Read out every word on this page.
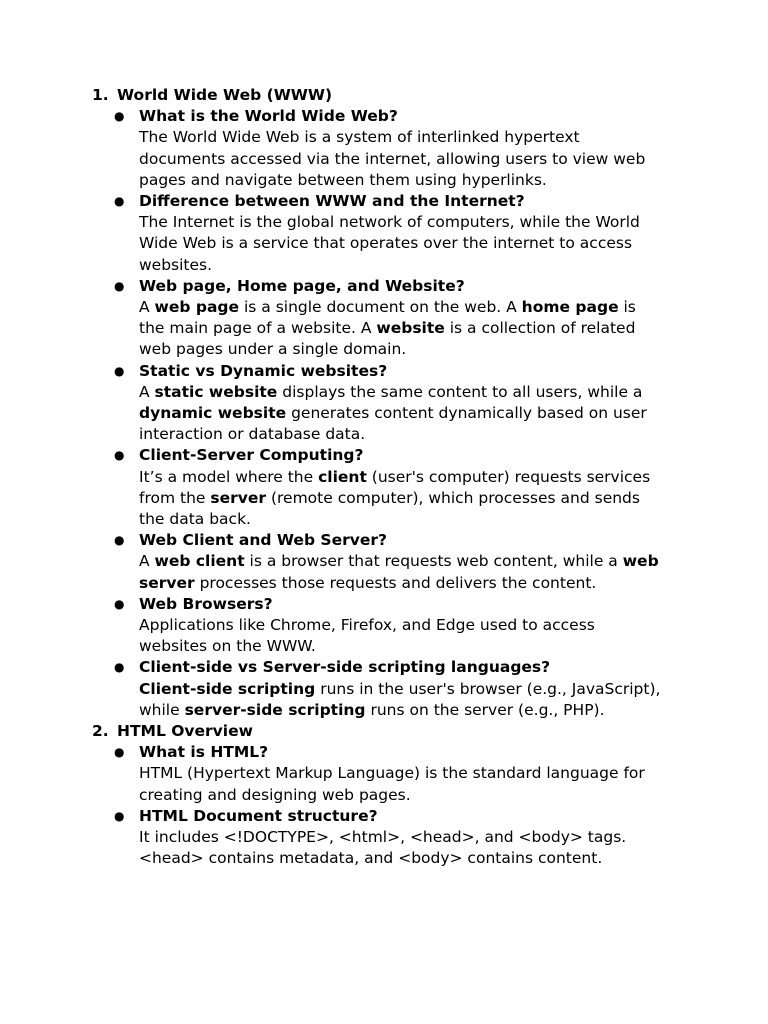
1. World Wide Web (WWW)
● What is the World Wide Web?
The World Wide Web is a system of interlinked hypertext documents accessed via the internet, allowing users to view web pages and navigate between them using hyperlinks.
● Difference between WWW and the Internet?
The Internet is the global network of computers, while the World Wide Web is a service that operates over the internet to access websites.
● Web page, Home page, and Website?
A web page is a single document on the web. A home page is the main page of a website. A website is a collection of related web pages under a single domain.
● Static vs Dynamic websites?
A static website displays the same content to all users, while a dynamic website generates content dynamically based on user interaction or database data.
● Client-Server Computing?
It’s a model where the client (user's computer) requests services from the server (remote computer), which processes and sends the data back.
● Web Client and Web Server?
A web client is a browser that requests web content, while a web server processes those requests and delivers the content.
● Web Browsers?
Applications like Chrome, Firefox, and Edge used to access websites on the WWW.
● Client-side vs Server-side scripting languages?
Client-side scripting runs in the user's browser (e.g., JavaScript), while server-side scripting runs on the server (e.g., PHP).
2. HTML Overview
● What is HTML?
HTML (Hypertext Markup Language) is the standard language for creating and designing web pages.
● HTML Document structure?
It includes <!DOCTYPE>, <html>, <head>, and <body> tags. <head> contains metadata, and <body> contains content.
